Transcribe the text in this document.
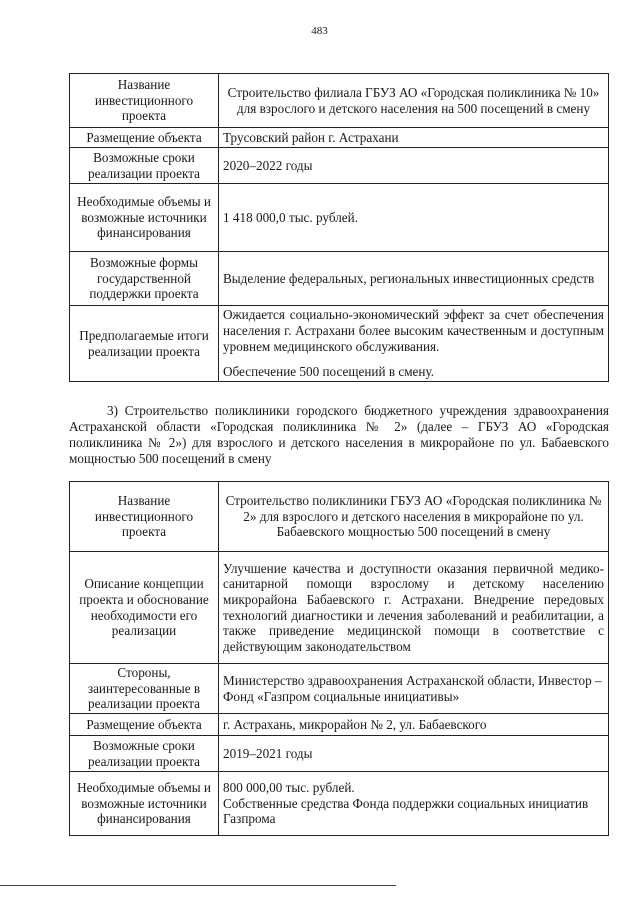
483
Название инвестиционного проекта	Строительство филиала ГБУЗ АО «Городская поликлиника № 10» для взрослого и детского населения на 500 посещений в смену
Размещение объекта	Трусовский район г. Астрахани
Возможные сроки реализации проекта	2020–2022 годы
Необходимые объемы и возможные источники финансирования	1 418 000,0 тыс. рублей.
Возможные формы государственной поддержки проекта	Выделение федеральных, региональных инвестиционных средств
Предполагаемые итоги реализации проекта	Ожидается социально-экономический эффект за счет обеспечения населения г. Астрахани более высоким качественным и доступным уровнем медицинского обслуживания.
Обеспечение 500 посещений в смену.
3) Строительство поликлиники городского бюджетного учреждения здравоохранения Астраханской области «Городская поликлиника № 2» (далее – ГБУЗ АО «Городская поликлиника № 2») для взрослого и детского населения в микрорайоне по ул. Бабаевского мощностью 500 посещений в смену
Название инвестиционного проекта	Строительство поликлиники ГБУЗ АО «Городская поликлиника № 2» для взрослого и детского населения в микрорайоне по ул. Бабаевского мощностью 500 посещений в смену
Описание концепции проекта и обоснование необходимости его реализации	Улучшение качества и доступности оказания первичной медико-санитарной помощи взрослому и детскому населению микрорайона Бабаевского г. Астрахани. Внедрение передовых технологий диагностики и лечения заболеваний и реабилитации, а также приведение медицинской помощи в соответствие с действующим законодательством
Стороны, заинтересованные в реализации проекта	Министерство здравоохранения Астраханской области, Инвестор – Фонд «Газпром социальные инициативы»
Размещение объекта	г. Астрахань, микрорайон № 2, ул. Бабаевского
Возможные сроки реализации проекта	2019–2021 годы
Необходимые объемы и возможные источники финансирования	800 000,00 тыс. рублей.
Собственные средства Фонда поддержки социальных инициатив Газпрома
